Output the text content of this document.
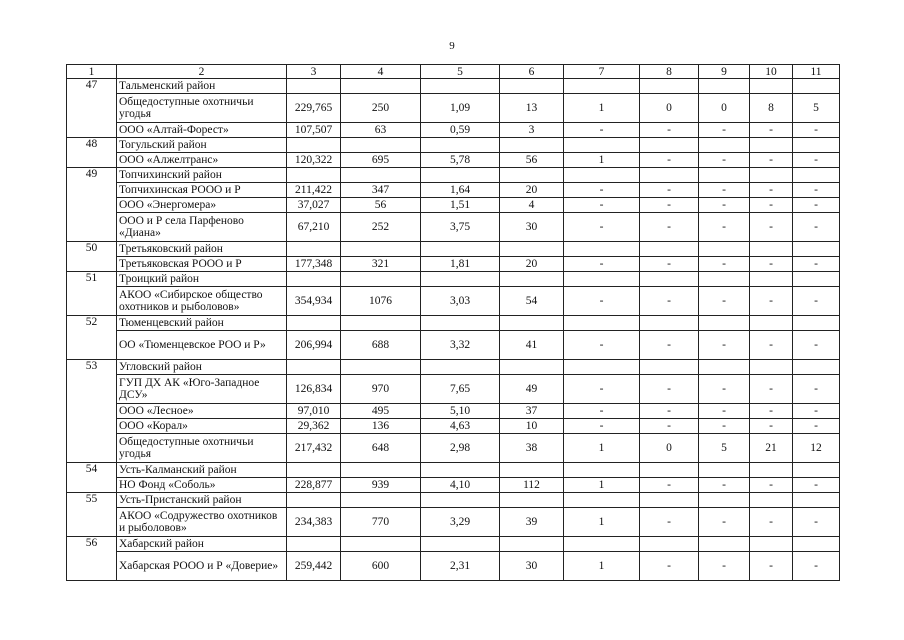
9
1	2	3	4	5	6	7	8	9	10	11
47	Тальменский район									
	Общедоступные охотничьи угодья	229,765	250	1,09	13	1	0	0	8	5
	ООО «Алтай-Форест»	107,507	63	0,59	3	-	-	-	-	-
48	Тогульский район									
	ООО «Алжелтранс»	120,322	695	5,78	56	1	-	-	-	-
49	Топчихинский район									
	Топчихинская РООО и Р	211,422	347	1,64	20	-	-	-	-	-
	ООО «Энергомера»	37,027	56	1,51	4	-	-	-	-	-
	ООО и Р села Парфеново «Диана»	67,210	252	3,75	30	-	-	-	-	-
50	Третьяковский район									
	Третьяковская РООО и Р	177,348	321	1,81	20	-	-	-	-	-
51	Троицкий район									
	АКОО «Сибирское общество охотников и рыболовов»	354,934	1076	3,03	54	-	-	-	-	-
52	Тюменцевский район									
	ОО «Тюменцевское РОО и Р»	206,994	688	3,32	41	-	-	-	-	-
53	Угловский район									
	ГУП ДХ АК «Юго-Западное ДСУ»	126,834	970	7,65	49	-	-	-	-	-
	ООО «Лесное»	97,010	495	5,10	37	-	-	-	-	-
	ООО «Корал»	29,362	136	4,63	10	-	-	-	-	-
	Общедоступные охотничьи угодья	217,432	648	2,98	38	1	0	5	21	12
54	Усть-Калманский район									
	НО Фонд «Соболь»	228,877	939	4,10	112	1	-	-	-	-
55	Усть-Пристанский район									
	АКОО «Содружество охотников и рыболовов»	234,383	770	3,29	39	1	-	-	-	-
56	Хабарский район									
	Хабарская РООО и Р «Доверие»	259,442	600	2,31	30	1	-	-	-	-
